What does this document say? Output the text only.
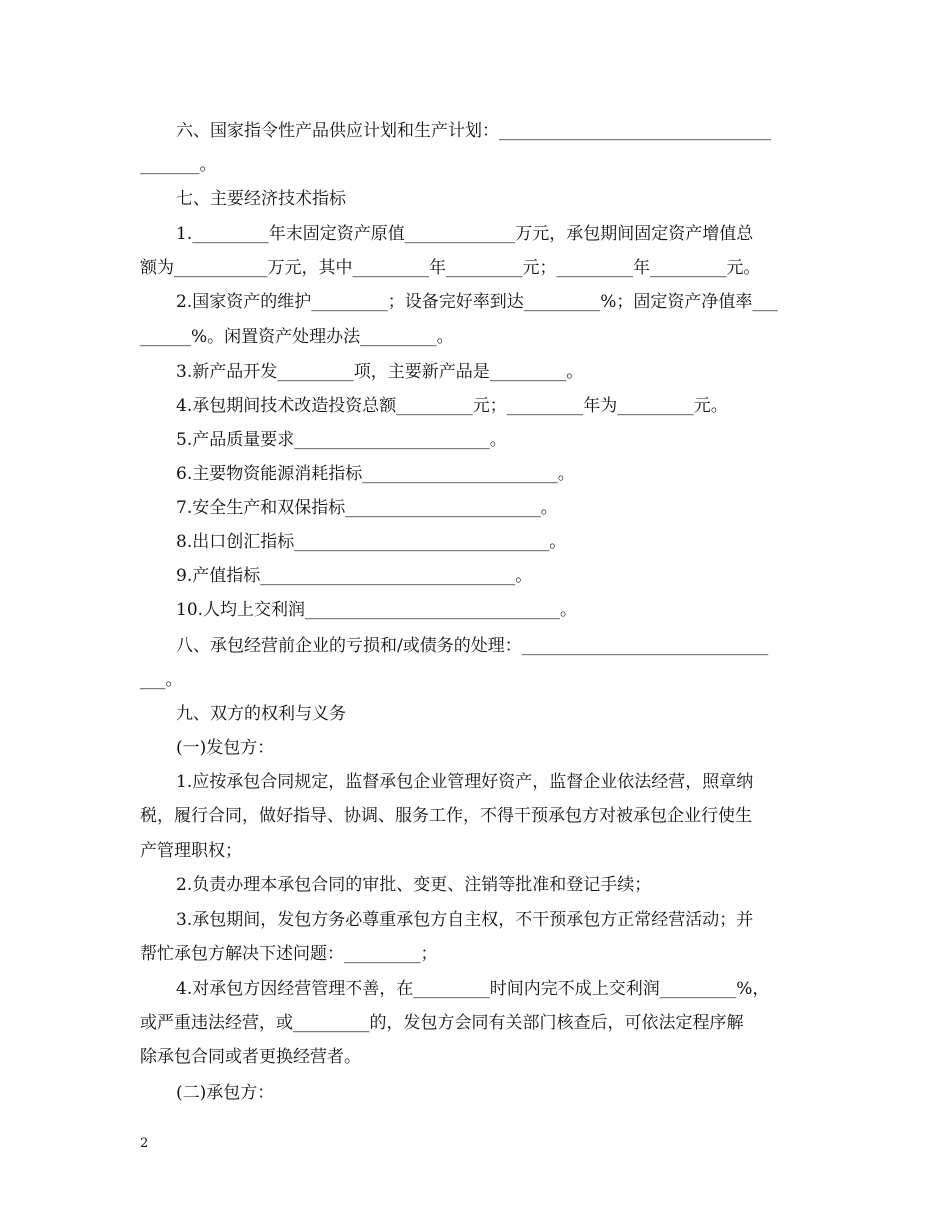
六、国家指令性产品供应计划和生产计划：________________________________
_______。
七、主要经济技术指标
1._________年末固定资产原值_____________万元，承包期间固定资产增值总
额为___________万元，其中_________年_________元；_________年_________元。
2.国家资产的维护_________；设备完好率到达_________%；固定资产净值率___
______%。闲置资产处理办法_________。
3.新产品开发_________项，主要新产品是_________。
4.承包期间技术改造投资总额_________元；_________年为_________元。
5.产品质量要求_______________________。
6.主要物资能源消耗指标_______________________。
7.安全生产和双保指标_______________________。
8.出口创汇指标______________________________。
9.产值指标______________________________。
10.人均上交利润______________________________。
八、承包经营前企业的亏损和/或债务的处理：_____________________________
___。
九、双方的权利与义务
(一)发包方：
1.应按承包合同规定，监督承包企业管理好资产，监督企业依法经营，照章纳
税，履行合同，做好指导、协调、服务工作，不得干预承包方对被承包企业行使生
产管理职权；
2.负责办理本承包合同的审批、变更、注销等批准和登记手续；
3.承包期间，发包方务必尊重承包方自主权，不干预承包方正常经营活动；并
帮忙承包方解决下述问题：_________；
4.对承包方因经营管理不善，在_________时间内完不成上交利润_________%，
或严重违法经营，或_________的，发包方会同有关部门核查后，可依法定程序解
除承包合同或者更换经营者。
(二)承包方：
2
